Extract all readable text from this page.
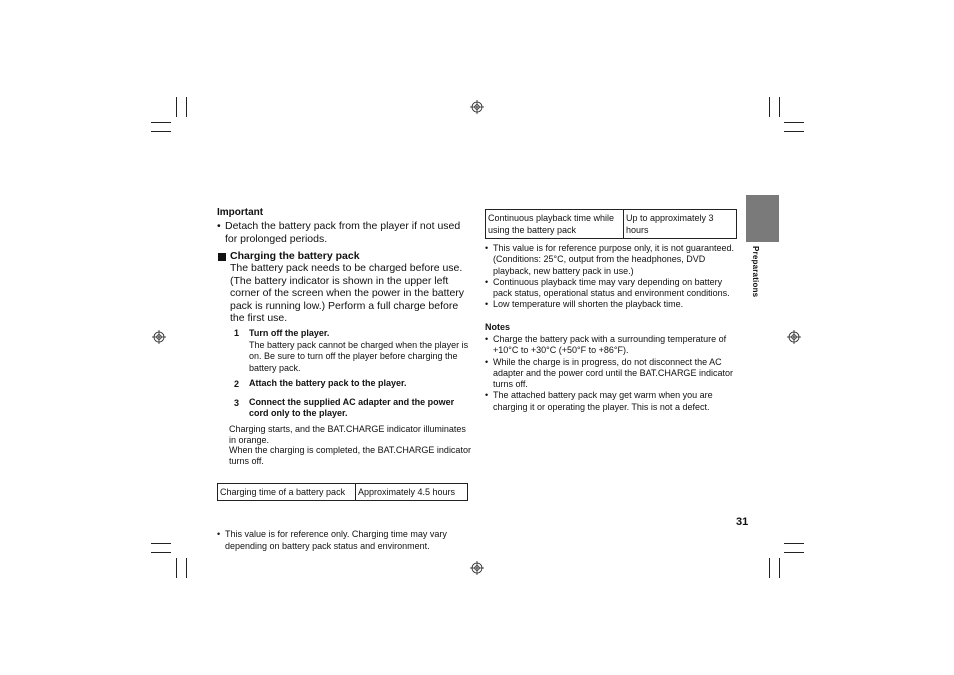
Preparations
Important
• Detach the battery pack from the player if not used for prolonged periods.
Charging the battery pack
The battery pack needs to be charged before use. (The battery indicator is shown in the upper left corner of the screen when the power in the battery pack is running low.) Perform a full charge before the first use.
1 Turn off the player.
The battery pack cannot be charged when the player is on. Be sure to turn off the player before charging the battery pack.
2 Attach the battery pack to the player.
3 Connect the supplied AC adapter and the power cord only to the player.
Charging starts, and the BAT.CHARGE indicator illuminates in orange.
When the charging is completed, the BAT.CHARGE indicator turns off.
Charging time of a battery pack	Approximately 4.5 hours
• This value is for reference only. Charging time may vary depending on battery pack status and environment.
Continuous playback time while using the battery pack	Up to approximately 3 hours
• This value is for reference purpose only, it is not guaranteed. (Conditions: 25°C, output from the headphones, DVD playback, new battery pack in use.)
• Continuous playback time may vary depending on battery pack status, operational status and environment conditions.
• Low temperature will shorten the playback time.
Notes
• Charge the battery pack with a surrounding temperature of +10°C to +30°C (+50°F to +86°F).
• While the charge is in progress, do not disconnect the AC adapter and the power cord until the BAT.CHARGE indicator turns off.
• The attached battery pack may get warm when you are charging it or operating the player. This is not a defect.
31
